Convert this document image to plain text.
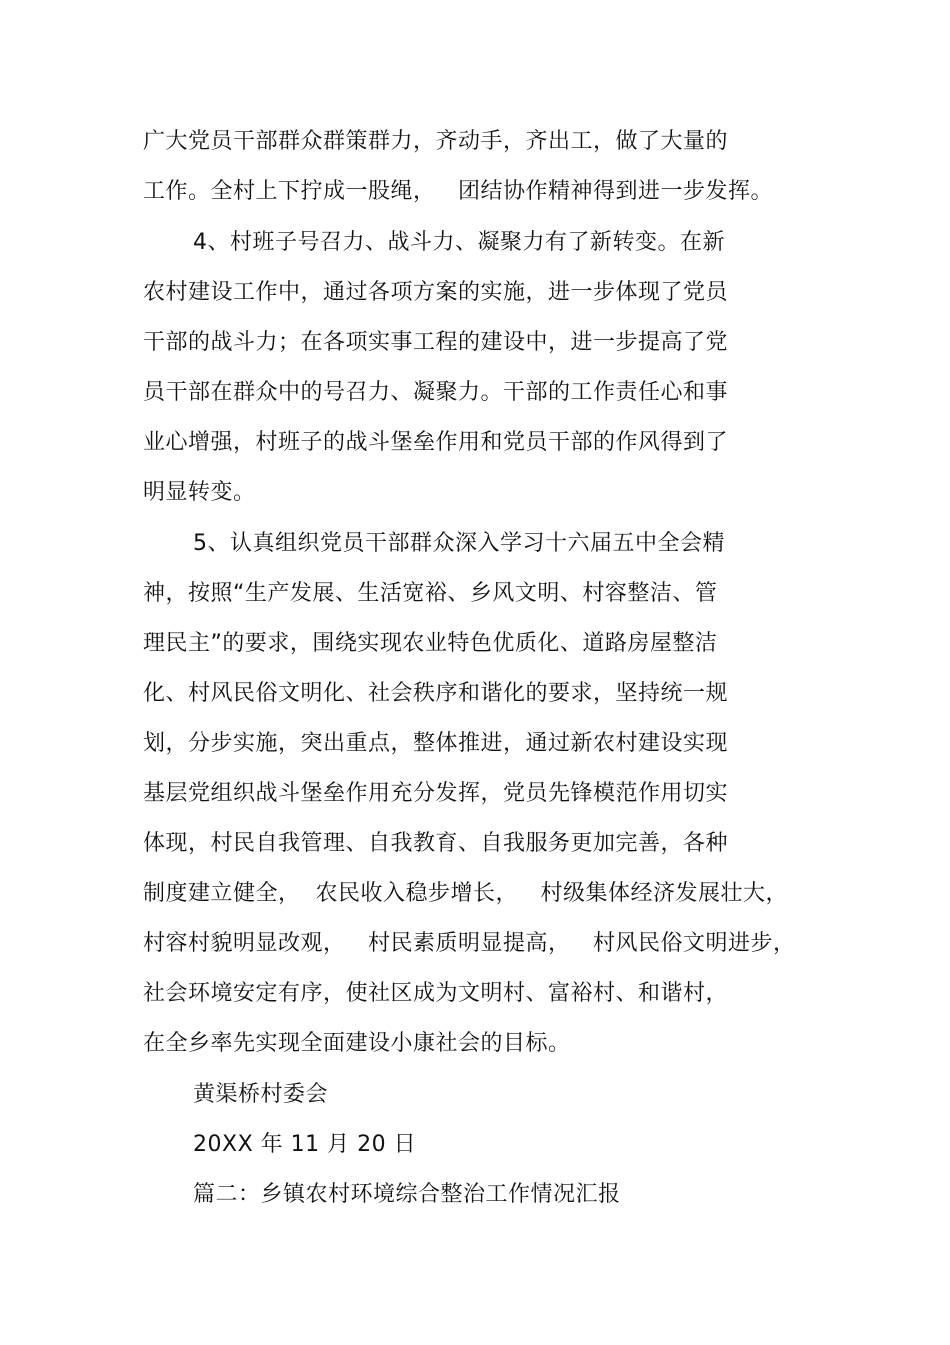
广大党员干部群众群策群力，齐动手，齐出工，做了大量的
工作。全村上下拧成一股绳，   团结协作精神得到进一步发挥。
4、村班子号召力、战斗力、凝聚力有了新转变。在新
农村建设工作中，通过各项方案的实施，进一步体现了党员
干部的战斗力；在各项实事工程的建设中，进一步提高了党
员干部在群众中的号召力、凝聚力。干部的工作责任心和事
业心增强，村班子的战斗堡垒作用和党员干部的作风得到了
明显转变。
5、认真组织党员干部群众深入学习十六届五中全会精
神，按照“生产发展、生活宽裕、乡风文明、村容整洁、管
理民主”的要求，围绕实现农业特色优质化、道路房屋整洁
化、村风民俗文明化、社会秩序和谐化的要求，坚持统一规
划，分步实施，突出重点，整体推进，通过新农村建设实现
基层党组织战斗堡垒作用充分发挥，党员先锋模范作用切实
体现，村民自我管理、自我教育、自我服务更加完善，各种
制度建立健全，  农民收入稳步增长，   村级集体经济发展壮大，
村容村貌明显改观，   村民素质明显提高，   村风民俗文明进步，
社会环境安定有序，使社区成为文明村、富裕村、和谐村，
在全乡率先实现全面建设小康社会的目标。
黄渠桥村委会
20XX 年 11 月 20 日
篇二：乡镇农村环境综合整治工作情况汇报
